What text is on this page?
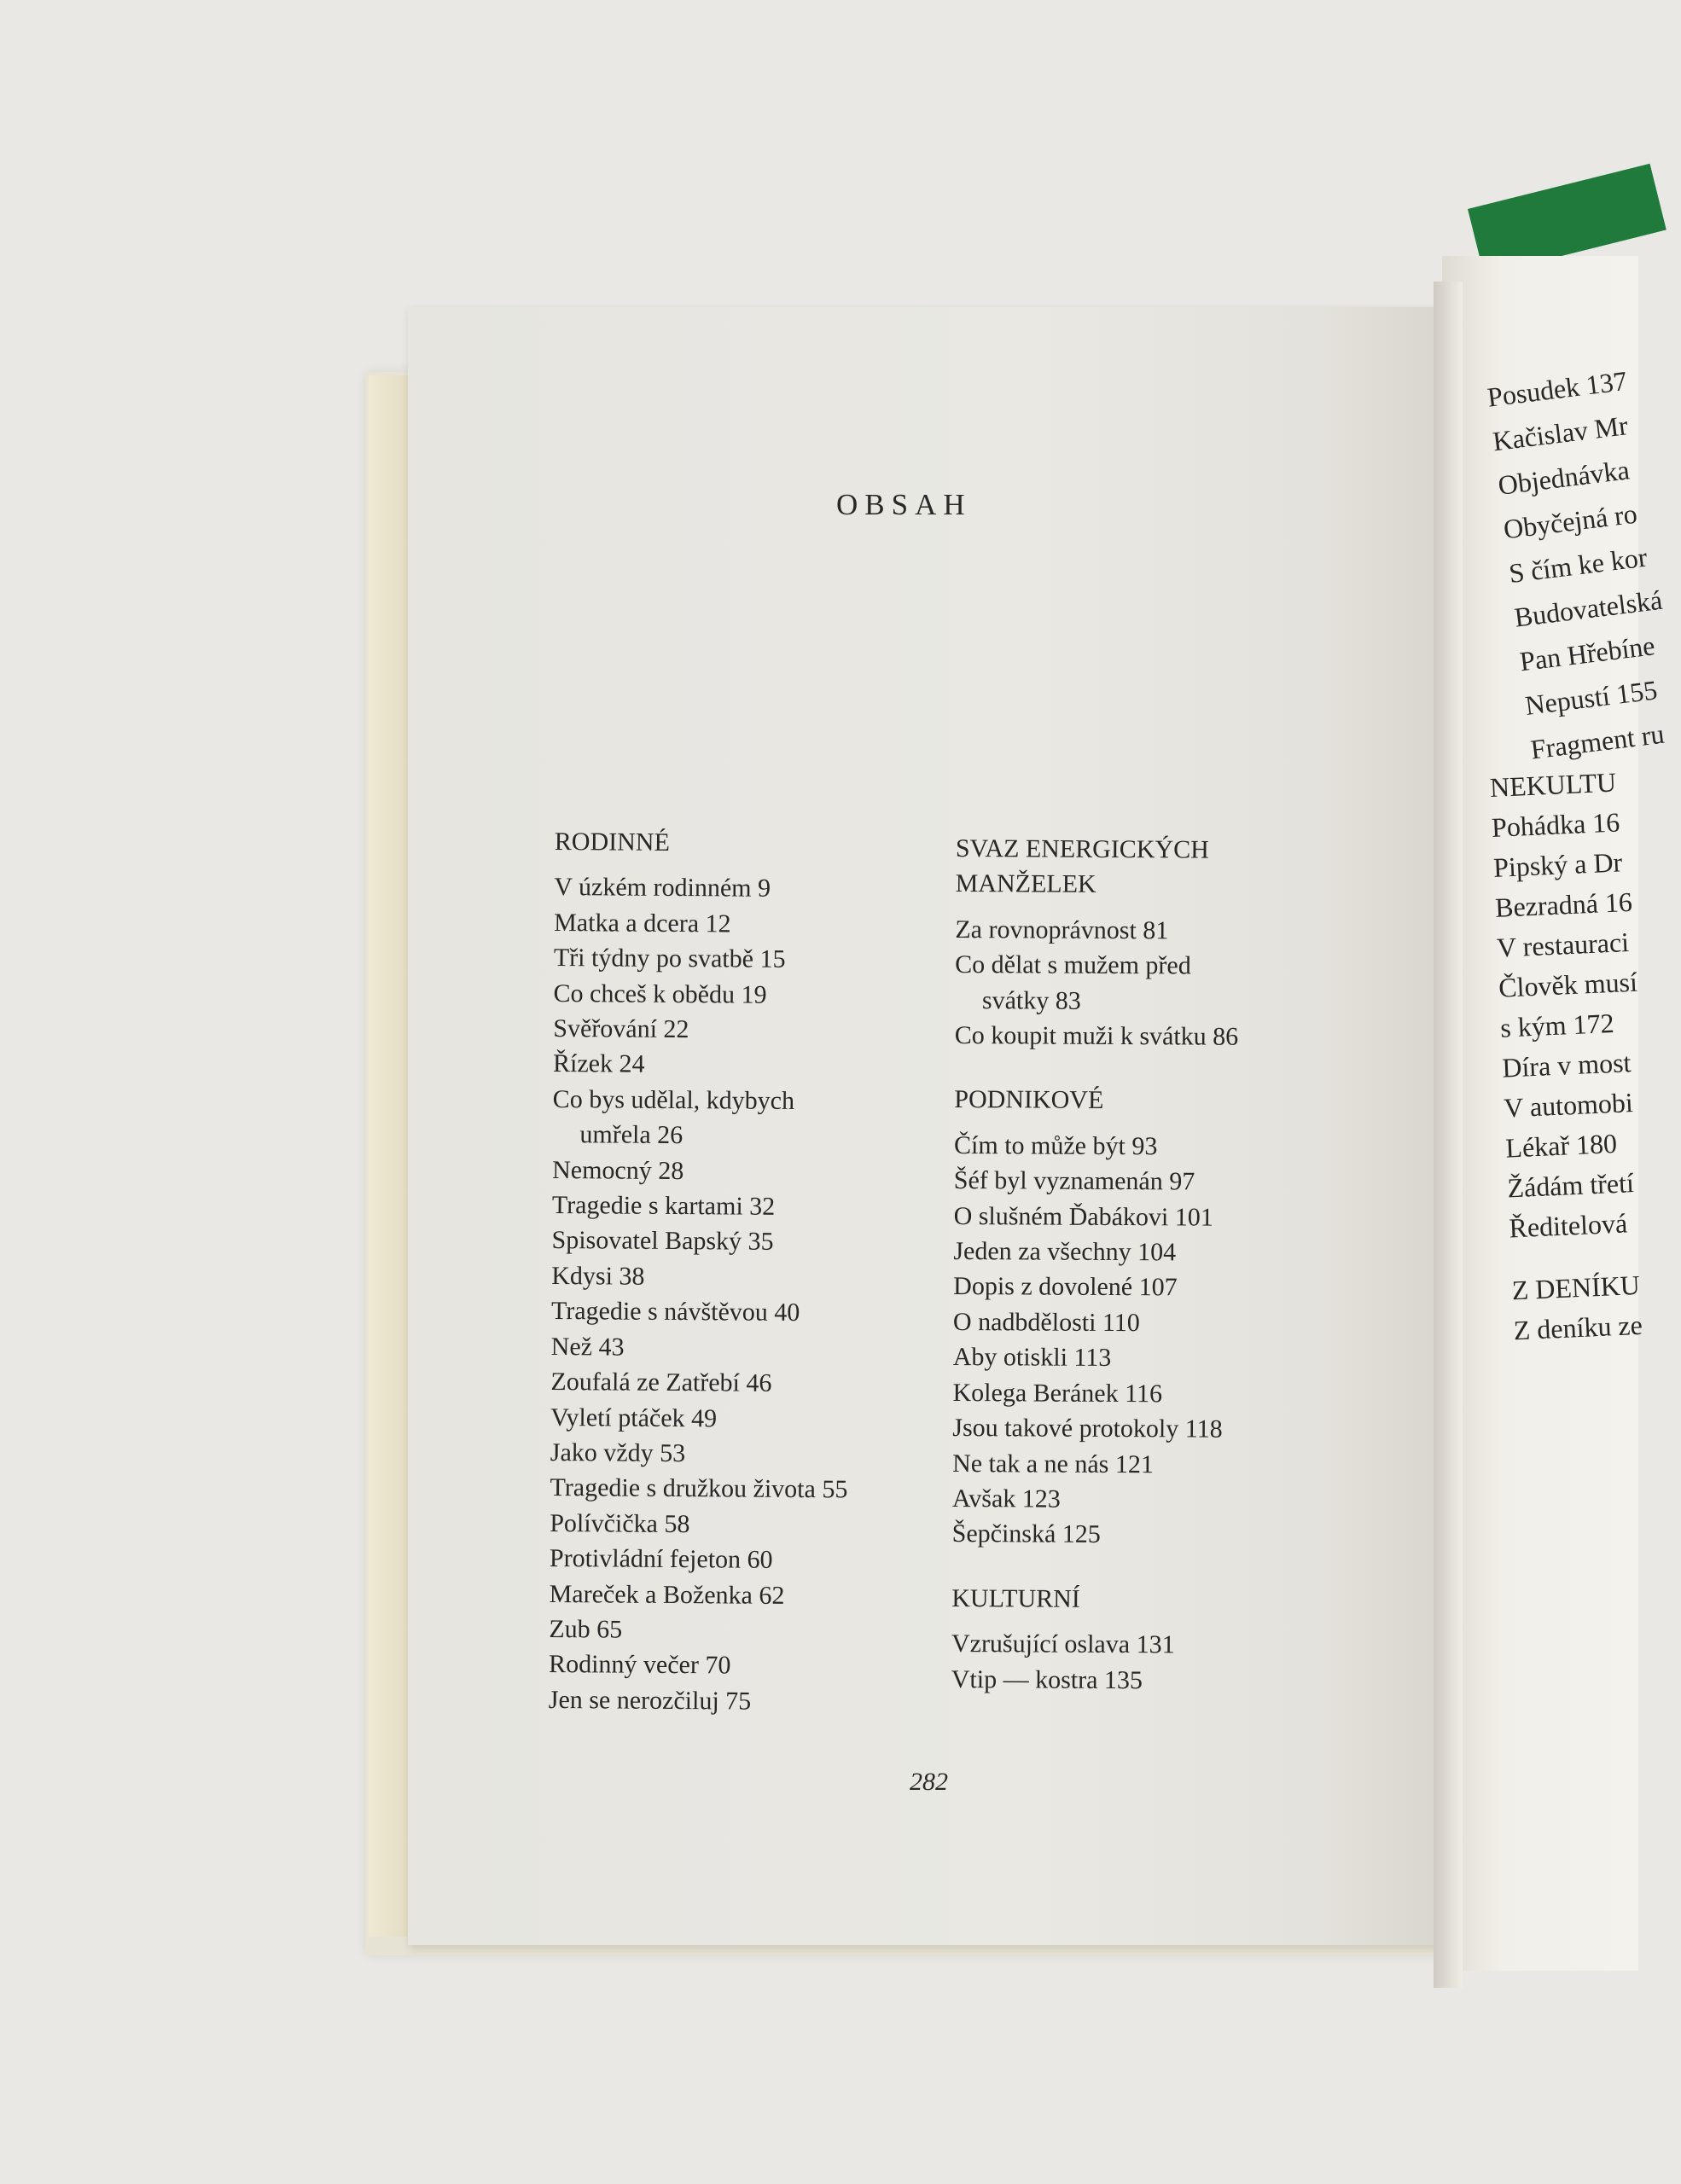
OBSAH
RODINNÉ
V úzkém rodinném 9
Matka a dcera 12
Tři týdny po svatbě 15
Co chceš k obědu 19
Svěřování 22
Řízek 24
Co bys udělal, kdybych
umřela 26
Nemocný 28
Tragedie s kartami 32
Spisovatel Bapský 35
Kdysi 38
Tragedie s návštěvou 40
Než 43
Zoufalá ze Zatřebí 46
Vyletí ptáček 49
Jako vždy 53
Tragedie s družkou života 55
Polívčička 58
Protivládní fejeton 60
Mareček a Boženka 62
Zub 65
Rodinný večer 70
Jen se nerozčiluj 75
SVAZ ENERGICKÝCH
MANŽELEK
Za rovnoprávnost 81
Co dělat s mužem před
svátky 83
Co koupit muži k svátku 86
PODNIKOVÉ
Čím to může být 93
Šéf byl vyznamenán 97
O slušném Ďabákovi 101
Jeden za všechny 104
Dopis z dovolené 107
O nadbdělosti 110
Aby otiskli 113
Kolega Beránek 116
Jsou takové protokoly 118
Ne tak a ne nás 121
Avšak 123
Šepčinská 125
KULTURNÍ
Vzrušující oslava 131
Vtip — kostra 135
282
Posudek 137
Kačislav Mr
Objednávka
Obyčejná ro
S čím ke kor
Budovatelská
Pan Hřebíne
Nepustí 155
Fragment ru
NEKULTU
Pohádka 16
Pipský a Dr
Bezradná 16
V restauraci
Člověk musí
s kým 172
Díra v most
V automobi
Lékař 180
Žádám třetí
Ředitelová
Z DENÍKU
Z deníku ze
